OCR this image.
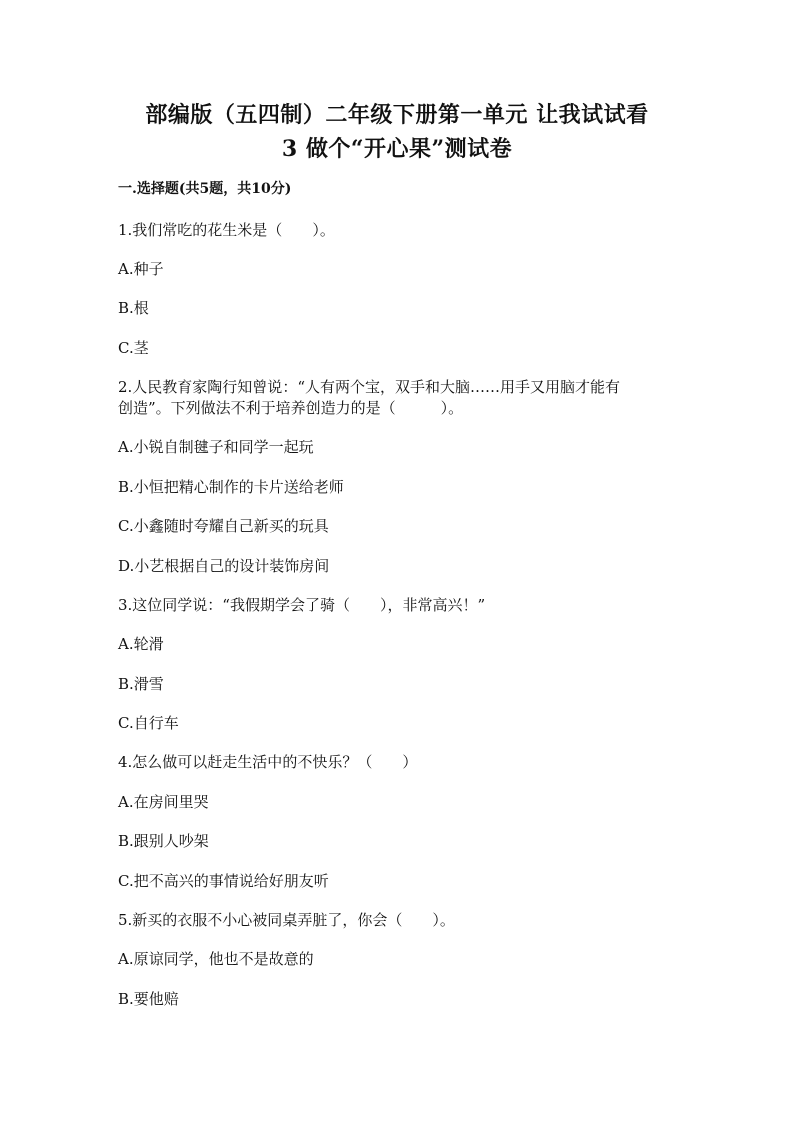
部编版（五四制）二年级下册第一单元 让我试试看
3 做个“开心果”测试卷
一.选择题(共5题，共10分)
1.我们常吃的花生米是（　　）。
A.种子
B.根
C.茎
2.人民教育家陶行知曾说：“人有两个宝，双手和大脑……用手又用脑才能有
创造”。下列做法不利于培养创造力的是（　　　）。
A.小锐自制毽子和同学一起玩
B.小恒把精心制作的卡片送给老师
C.小鑫随时夸耀自己新买的玩具
D.小艺根据自己的设计装饰房间
3.这位同学说：“我假期学会了骑（　　），非常高兴！”
A.轮滑
B.滑雪
C.自行车
4.怎么做可以赶走生活中的不快乐？（　　）
A.在房间里哭
B.跟别人吵架
C.把不高兴的事情说给好朋友听
5.新买的衣服不小心被同桌弄脏了，你会（　　）。
A.原谅同学，他也不是故意的
B.要他赔
